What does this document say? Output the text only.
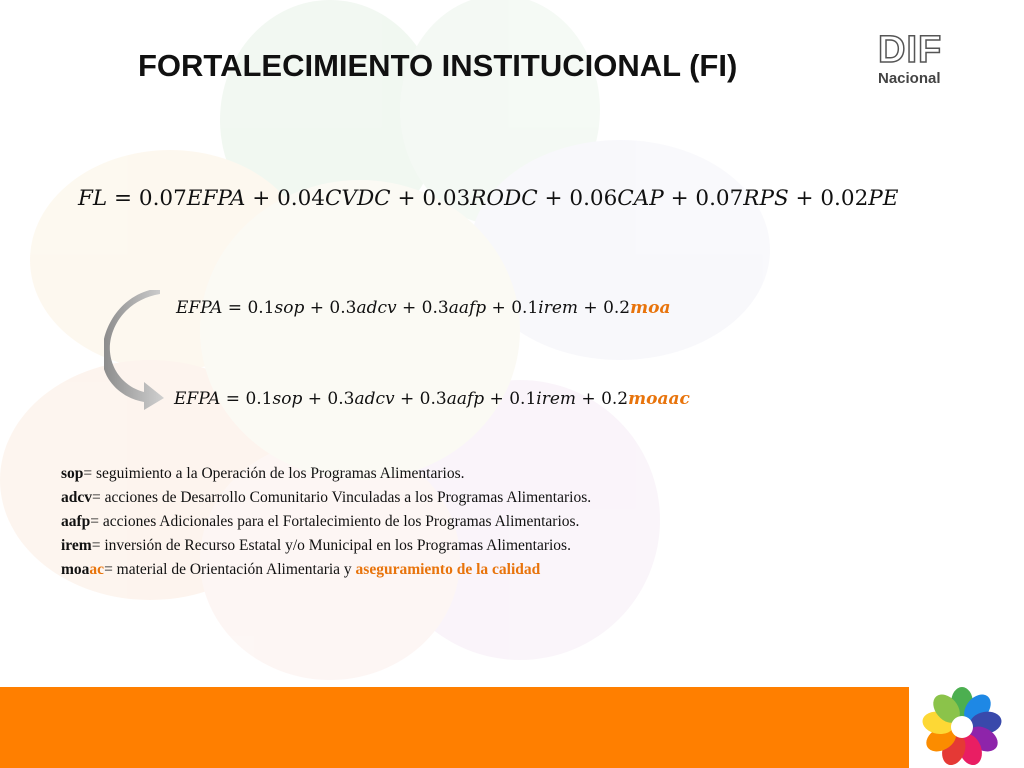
FORTALECIMIENTO INSTITUCIONAL (FI)	DIF
Nacional
FL = 0.07EFPA + 0.04CVDC + 0.03RODC + 0.06CAP + 0.07RPS + 0.02PE
EFPA = 0.1sop + 0.3adcv + 0.3aafp + 0.1irem + 0.2moa
EFPA = 0.1sop + 0.3adcv + 0.3aafp + 0.1irem + 0.2moaac
sop= seguimiento a la Operación de los Programas Alimentarios.
adcv= acciones de Desarrollo Comunitario Vinculadas a los Programas Alimentarios.
aafp= acciones Adicionales para el Fortalecimiento de los Programas Alimentarios.
irem= inversión de Recurso Estatal y/o Municipal en los Programas Alimentarios.
moaac= material de Orientación Alimentaria y aseguramiento de la calidad
